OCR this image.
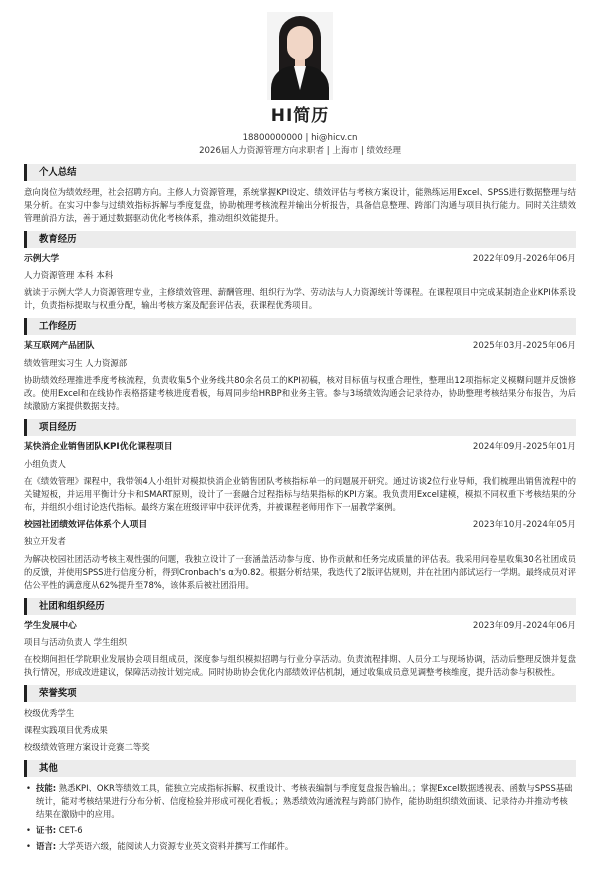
HI简历
18800000000 | hi@hicv.cn
2026届人力资源管理方向求职者 | 上海市 | 绩效经理
个人总结
意向岗位为绩效经理，社会招聘方向。主修人力资源管理，系统掌握KPI设定、绩效评估与考核方案设计，能熟练运用Excel、SPSS进行数据整理与结果分析。在实习中参与过绩效指标拆解与季度复盘，协助梳理考核流程并输出分析报告，具备信息整理、跨部门沟通与项目执行能力。同时关注绩效管理前沿方法，善于通过数据驱动优化考核体系，推动组织效能提升。
教育经历
示例大学	2022年09月-2026年06月
人力资源管理 本科 本科
就读于示例大学人力资源管理专业，主修绩效管理、薪酬管理、组织行为学、劳动法与人力资源统计等课程。在课程项目中完成某制造企业KPI体系设计，负责指标提取与权重分配，输出考核方案及配套评估表，获课程优秀项目。
工作经历
某互联网产品团队	2025年03月-2025年06月
绩效管理实习生 人力资源部
协助绩效经理推进季度考核流程，负责收集5个业务线共80余名员工的KPI初稿，核对目标值与权重合理性，整理出12项指标定义模糊问题并反馈修改。使用Excel和在线协作表格搭建考核进度看板，每周同步给HRBP和业务主管。参与3场绩效沟通会记录待办，协助整理考核结果分布报告，为后续激励方案提供数据支持。
项目经历
某快消企业销售团队KPI优化课程项目	2024年09月-2025年01月
小组负责人
在《绩效管理》课程中，我带领4人小组针对模拟快消企业销售团队考核指标单一的问题展开研究。通过访谈2位行业导师，我们梳理出销售流程中的关键短板，并运用平衡计分卡和SMART原则，设计了一套融合过程指标与结果指标的KPI方案。我负责用Excel建模，模拟不同权重下考核结果的分布，并组织小组讨论迭代指标。最终方案在班级评审中获评优秀，并被课程老师用作下一届教学案例。
校园社团绩效评估体系个人项目	2023年10月-2024年05月
独立开发者
为解决校园社团活动考核主观性强的问题，我独立设计了一套涵盖活动参与度、协作贡献和任务完成质量的评估表。我采用问卷星收集30名社团成员的反馈，并使用SPSS进行信度分析，得到Cronbach's α为0.82。根据分析结果，我迭代了2版评估规则，并在社团内部试运行一学期。最终成员对评估公平性的满意度从62%提升至78%，该体系后被社团沿用。
社团和组织经历
学生发展中心	2023年09月-2024年06月
项目与活动负责人 学生组织
在校期间担任学院职业发展协会项目组成员，深度参与组织模拟招聘与行业分享活动。负责流程排期、人员分工与现场协调，活动后整理反馈并复盘执行情况，形成改进建议，保障活动按计划完成。同时协助协会优化内部绩效评估机制，通过收集成员意见调整考核维度，提升活动参与积极性。
荣誉奖项
校级优秀学生
课程实践项目优秀成果
校级绩效管理方案设计竞赛二等奖
其他
• 技能: 熟悉KPI、OKR等绩效工具，能独立完成指标拆解、权重设计、考核表编制与季度复盘报告输出。；掌握Excel数据透视表、函数与SPSS基础统计，能对考核结果进行分布分析、信度检验并形成可视化看板。；熟悉绩效沟通流程与跨部门协作，能协助组织绩效面谈、记录待办并推动考核结果在激励中的应用。
• 证书: CET-6
• 语言: 大学英语六级，能阅读人力资源专业英文资料并撰写工作邮件。
